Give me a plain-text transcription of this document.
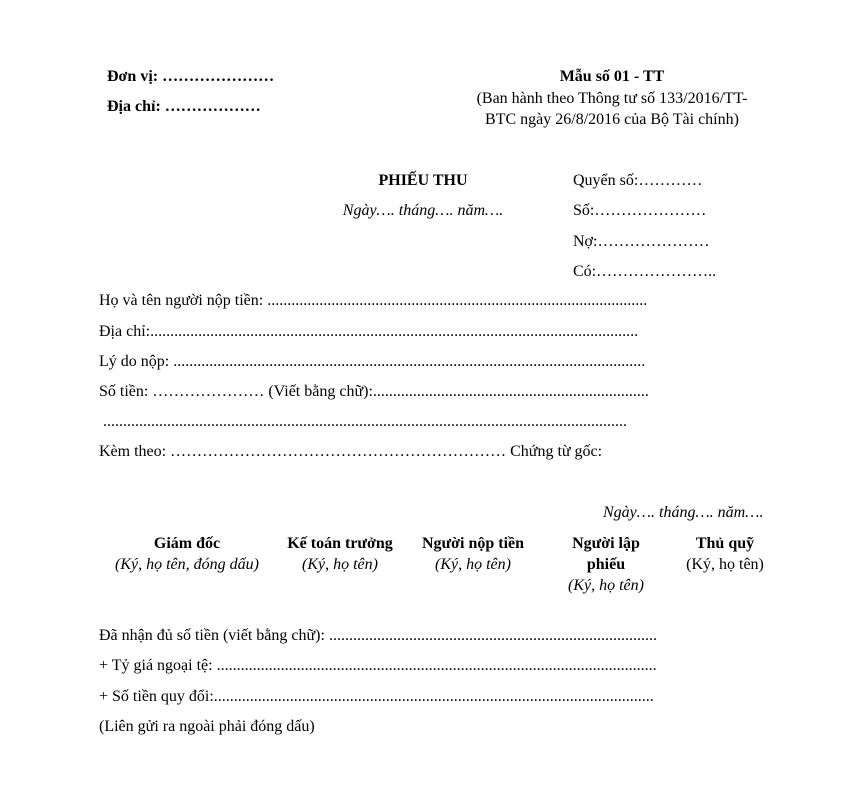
Đơn vị: …………………
Địa chỉ: ………………
Mẫu số 01 - TT
(Ban hành theo Thông tư số 133/2016/TT-
BTC ngày 26/8/2016 của Bộ Tài chính)
PHIẾU THU
Ngày…. tháng…. năm….
Quyển số:…………
Số:…………………
Nợ:…………………
Có:…………………..
Họ và tên người nộp tiền: ...............................................................................................
Địa chỉ:..........................................................................................................................
Lý do nộp: ......................................................................................................................
Số tiền: ………………… (Viết bằng chữ):.....................................................................
...................................................................................................................................
Kèm theo: ……………………………………………………… Chứng từ gốc:
Ngày…. tháng…. năm….
Giám đốc
(Ký, họ tên, đóng dấu)
Kế toán trưởng
(Ký, họ tên)
Người nộp tiền
(Ký, họ tên)
Người lập phiếu
(Ký, họ tên)
Thủ quỹ
(Ký, họ tên)
Đã nhận đủ số tiền (viết bằng chữ): ..................................................................................
+ Tỷ giá ngoại tệ: ..............................................................................................................
+ Số tiền quy đổi:..............................................................................................................
(Liên gửi ra ngoài phải đóng dấu)
